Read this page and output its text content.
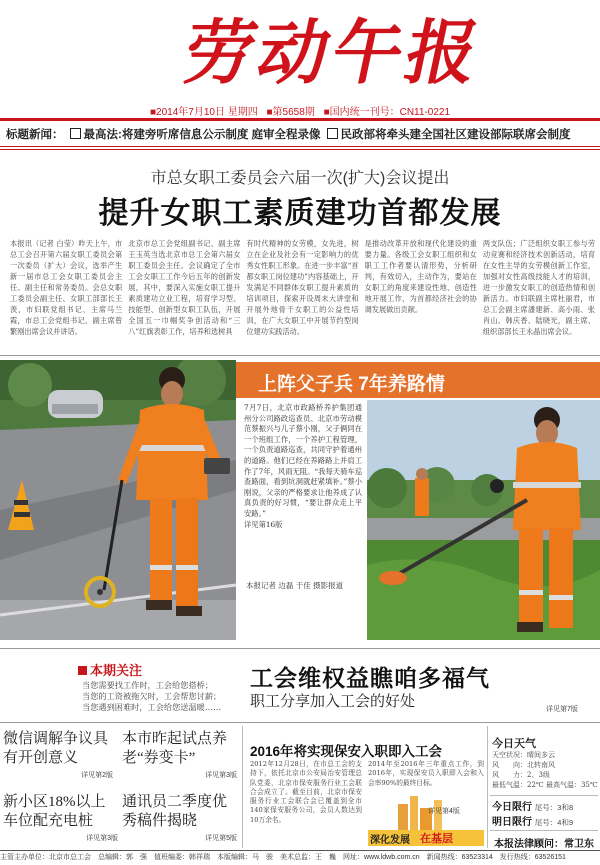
劳动午报
■2014年7月10日 星期四 ■第5658期 ■国内统一刊号：CN11-0221
标题新闻： 最高法:将建旁听席信息公示制度 庭审全程录像 民政部将牵头建全国社区建设部际联席会制度
市总女职工委员会六届一次(扩大)会议提出
提升女职工素质建功首都发展
本报讯（记者 白莹）昨天上午，市总工会召开第六届女职工委员会第一次委员（扩大）会议，选举产生新一届市总工会女职工委员会主任、副主任和常务委员。会总女职工委员会副主任、女职工部部长王羡，市妇联党组书记、主席马兰霞，市总工会党组书记、副主席曾繁刚出席会议并讲话。
北京市总工会党组副书记、副主席王玉英当选北京市总工会第六届女职工委员会主任。会议确定了全市工会女职工工作今后五年的创新发展，其中，要深入实施女职工提升素质建功立业工程，培育学习型、技能型、创新型女职工队伍，开展全国五一巾帼奖争创活动和“三八”红旗表彰工作，培养和选树具
有时代精神的女劳模，女先进，树立在企业及社会有一定影响力的优秀女性职工形象。在进一步丰富“首都女职工岗位建功”内容基础上，开发满足不同群体女职工提升素质的培训项目，探索开设周末大讲堂和开展外地骨干女职工的公益性培训，在广大女职工中开展节约型岗位建功实践活动。
是推动改革开放和现代化建设的重要力量。各级工会女职工组织和女职工工作者要认清形势，分析研判，有效切入，主动作为，要站在女职工的角度来建设性地、创造性地开展工作，为首都经济社会的协调发展做出贡献。
两支队伍；广泛组织女职工参与劳动竞赛和经济技术创新活动，培育在女性主导的女劳模创新工作室，加强对女性高级技能人才的培训，进一步激发女职工的创造热情和创新活力。市妇联副主席杜丽君，市总工会副主席潘建新、高小雨、张肖山、韩庆香、陆晓光，副主席、组织部部长王永晶出席会议。
上阵父子兵 7年养路情
7月7日，北京市政路桥养护集团通州分公司路政巡查员、北京市劳动模范蔡振兴与儿子蔡小刚，父子俩同在一个班组工作，一个养护工程管理，一个负责道路巡查，共同守护着通州的道路。他们已经在养路路上并肩工作了7年，风雨无阻。“我每天骑车巡查路面，看到坑洞就赶紧填补。”蔡小刚说，父亲的严格要求让他养成了认真负责的好习惯，“要让群众走上平安路。”
详见第16版
本报记者 边磊 于佳 摄影报道
本期关注
当您需要找工作时，工会给您搭桥；
当您的工资被拖欠时，工会帮您讨薪；
当您遇到困难时，工会给您送温暖……
工会维权益瞧咱多福气
职工分享加入工会的好处	详见第7版
微信调解争议具有开创意义
详见第2版
本市昨起试点养老“券变卡”
详见第3版
新小区18%以上车位配充电桩
详见第3版
通讯员二季度优秀稿件揭晓
详见第5版
2016年将实现保安入职即入工会
2012年12月28日，在市总工会的支持下，依托北京市公安局治安管理总队党委，北京市保安服务行业工会联合会成立了。截至目前，北京市保安服务行业工会联合会已覆盖到全市140家保安服务公司，会员人数达到10万余名。
2014年至2016年三年重点工作，到2016年，实现保安员入职即入会和入会率90%的最终目标。
深化发展 在基层
详见第4版
今日天气
天空状况：晴间多云
风　　向：北转南风
风　　力：2、3级
最低气温：22℃ 最高气温：35℃
今日限行 尾号：3和8
明日限行 尾号：4和9
本报法律顾问：常卫东
主管主办单位：北京市总工会　总编辑：郭　强　值班编委：韩祥瑞　本版编辑：马　骏　美术总监：王　巍　网址：www.ldwb.com.cn　新闻热线：63523314　发行热线：63526151
